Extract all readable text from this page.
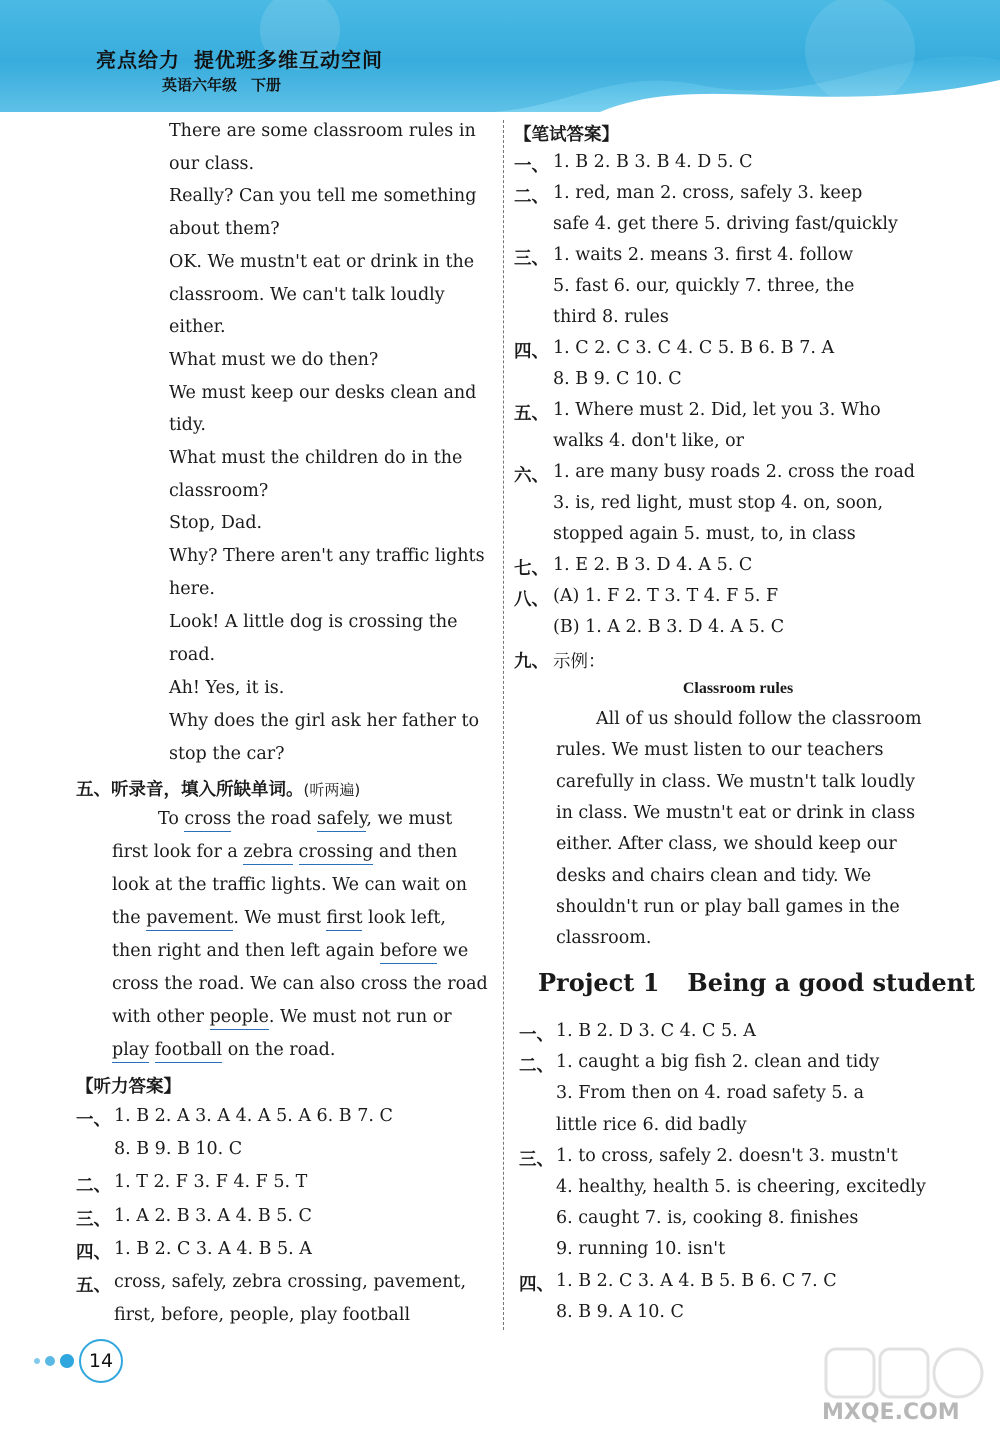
亮点给力 提优班多维互动空间
英语六年级 下册
There are some classroom rules in
our class.
Really? Can you tell me something
about them?
OK. We mustn't eat or drink in the
classroom. We can't talk loudly
either.
What must we do then?
We must keep our desks clean and
tidy.
What must the children do in the
classroom?
Stop, Dad.
Why? There aren't any traffic lights
here.
Look! A little dog is crossing the
road.
Ah! Yes, it is.
Why does the girl ask her father to
stop the car?
五、听录音，填入所缺单词。(听两遍)
To cross the road safely, we must
first look for a zebra crossing and then
look at the traffic lights. We can wait on
the pavement. We must first look left,
then right and then left again before we
cross the road. We can also cross the road
with other people. We must not run or
play football on the road.
【听力答案】
一、 1. B 2. A 3. A 4. A 5. A 6. B 7. C
8. B 9. B 10. C
二、 1. T 2. F 3. F 4. F 5. T
三、 1. A 2. B 3. A 4. B 5. C
四、 1. B 2. C 3. A 4. B 5. A
五、 cross, safely, zebra crossing, pavement,
first, before, people, play football
【笔试答案】
一、 1. B 2. B 3. B 4. D 5. C
二、 1. red, man 2. cross, safely 3. keep
safe 4. get there 5. driving fast/quickly
三、 1. waits 2. means 3. first 4. follow
5. fast 6. our, quickly 7. three, the
third 8. rules
四、 1. C 2. C 3. C 4. C 5. B 6. B 7. A
8. B 9. C 10. C
五、 1. Where must 2. Did, let you 3. Who
walks 4. don't like, or
六、 1. are many busy roads 2. cross the road
3. is, red light, must stop 4. on, soon,
stopped again 5. must, to, in class
七、 1. E 2. B 3. D 4. A 5. C
八、 (A) 1. F 2. T 3. T 4. F 5. F
(B) 1. A 2. B 3. D 4. A 5. C
九、 示例：
Classroom rules
All of us should follow the classroom
rules. We must listen to our teachers
carefully in class. We mustn't talk loudly
in class. We mustn't eat or drink in class
either. After class, we should keep our
desks and chairs clean and tidy. We
shouldn't run or play ball games in the
classroom.
Project 1 Being a good student
一、 1. B 2. D 3. C 4. C 5. A
二、 1. caught a big fish 2. clean and tidy
3. From then on 4. road safety 5. a
little rice 6. did badly
三、 1. to cross, safely 2. doesn't 3. mustn't
4. healthy, health 5. is cheering, excitedly
6. caught 7. is, cooking 8. finishes
9. running 10. isn't
四、 1. B 2. C 3. A 4. B 5. B 6. C 7. C
8. B 9. A 10. C
14
MXQE.COM
